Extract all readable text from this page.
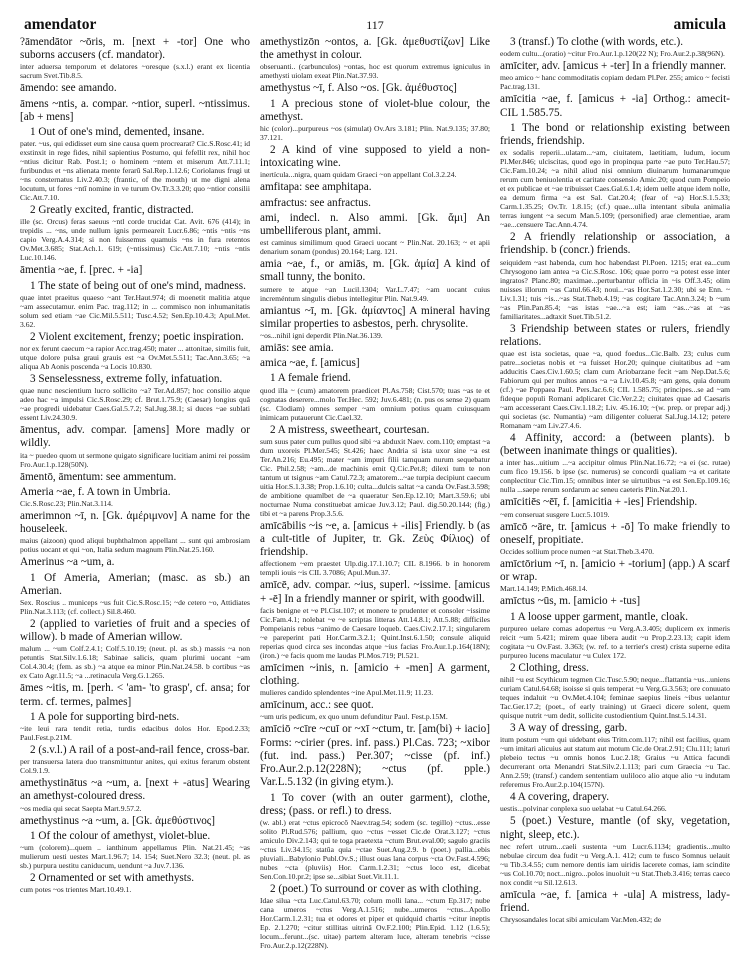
amendator	117	amicula

?āmendātor ~ōris, m. [next + -tor] One who suborns accusers (cf. mandator).

inter aduersa temporum et delatores ~oresque (s.x.l.) erant ex licentia sacrum Svet.Tib.8.5.

āmendo: see amando.

āmens ~ntis, a. compar. ~ntior, superl. ~ntissimus. [ab + mens]

1 Out of one's mind, demented, insane.

pater. ~us, qui edidisset eum sine causa quem procrearat? Cic.S.Rosc.41; id exstinxit in rege fides, nihil sapientius Postumo, qui fefellit rex, nihil hoc ~ntius dicitur Rab. Post.1; o hominem ~ntem et miserum Att.7.11.1; furibundus et ~ns alienata mente ferarū Sal.Rep.1.12.6; Coriolanus frugi ut ~ns consternatus Liv.2.40.3; (frantic, of the mouth) ut me digni alena locutum, ut fores ~ntī nomine in ve turum Ov.Tr.3.3.20; quo ~ntior consilii Cic.Att.7.10.

2 Greatly excited, frantic, distracted.

ille (sc. Orcus) feras saeuus ~ntl corde trucidat Cat. Avit. 676 (414); in trepidis ... ~ns, unde nullum ignis permeareit Lucr.6.86; ~ntis ~ntis ~ns capio Verg.A.4.314; si non fuissemus quamuis ~ns in fura retentos Ov.Met.3.685; Stat.Ach.1. 619; (~ntissimus) Cic.Att.7.10; ~ntis ~ntis Luc.10.146.

āmentia ~ae, f. [prec. + -ia]

1 The state of being out of one's mind, madness.

quae intet praeitus quaeso ~ant Ter.Haut.974; di moenetit malitia atque ~am assecutamur. enim Pac. trag.112; in ... commisco non inhumanitatis solum sed etiam ~ae Cic.Mil.5.511; Tusc.4.52; Sen.Ep.10.4.3; Apul.Met. 3.62.

2 Violent excitement, frenzy; poetic inspiration.

nor ex ferunt caecum ~a rapior Acc.trag.450; mater ... attonitae, similis fuit, utque dolore pulsa graui grauis est ~a Ov.Met.5.511; Tac.Ann.3.65; ~a aliqua Ab Aonis poscenda ~a Locis 10.830.

3 Senselessness, extreme folly, infatuation.

quae nunc nescientium lucro sollicito ~a? Ter.Ad.857; hoc consilio atque adeo hac ~a impulsi Cic.S.Rosc.29; cf. Brut.1.75.9; (Caesar) longius quā ~ae progredi uidebatur Caes.Gal.5.7.2; Sal.Jug.38.1; si duces ~ae sublati essent Liv.24.30.9.

āmentus, adv. compar. [amens] More madly or wildly.

ita ~ puedeo quom ut sermone quigato significare lucitiam animi rei possim Fro.Aur.1.p.128(50N).

āmentō, āmentum: see ammentum.

Ameria ~ae, f. A town in Umbria.

Cic.S.Rosc.23; Plin.Nat.3.114.

amerimnon ~ī, n. [Gk. ἀμέριμνον] A name for the houseleek.

maius (aizoon) quod aliqui buphthalmon appellant ... sunt qui ambrosiam potius uocant et qui ~on, Italia sedum magnum Plin.Nat.25.160.

Amerinus ~a ~um, a.

1 Of Ameria, Amerian; (masc. as sb.) an Amerian.

Sex. Roscius .. municeps ~us fuit Cic.S.Rosc.15; ~de cetero ~o, Attidiates Plin.Nat.3.113; (cf. collect.) Sil.8.460.

2 (applied to varieties of fruit and a species of willow). b made of Amerian willow.

malum ... ~um Colf.2.4.1; Colf.5.10.19; (neut. pl. as sb.) massis ~a non petuntis Stat.Silv.1.6.18; Sabinae salicis, quam plurimi uocant ~am Col.4.30.4; (fem. as sb.) ~a atque ea minor Plin.Nat.24.58. b cortibus ~as ex Cato Agr.11.5; ~a ...retinacula Verg.G.1.265.

āmes ~itis, m. [perh. < 'am- 'to grasp', cf. ansa; for term. cf. termes, palmes]

1 A pole for supporting bird-nets.

~ite leui rara tendit retia, turdis edacibus dolos Hor. Epod.2.33; Paul.Fest.p.21M.

2 (s.v.l.) A rail of a post-and-rail fence, cross-bar.

per transuersa latera duo transmittuntur anites, qui exitus ferarum obstent Col.9.1.9.

amethystinātus ~a ~um, a. [next + -atus] Wearing an amethyst-coloured dress.

~os media qui secat Saepta Mart.9.57.2.

amethystinus ~a ~um, a. [Gk. ἀμεθύστινος]

1 Of the colour of amethyst, violet-blue.

~um (colorem)...quem .. ianthinum appellamus Plin. Nat.21.45; ~as mulierum uesti uestes Mart.1.96.7; 14. 154; Suet.Nero 32.3; (neut. pl. as sb.) purpura uestitu caniducum, uendunt ~a Juv.7.136.

2 Ornamented or set with amethysts.

cum potes ~os trientes Mart.10.49.1.

amethystizōn ~ontos, a. [Gk. ἀμεθυστίζων] Like the amethyst in colour.

obseruanti.. (carbunculos) ~ontas, hoc est quorum extremus igniculus in amethysti uiolam exeat Plin.Nat.37.93.

amethystus ~ī, f. Also ~os. [Gk. ἀμέθυστος]

1 A precious stone of violet-blue colour, the amethyst.

hic (color)...purpureus ~os (simulat) Ov.Ars 3.181; Plin. Nat.9.135; 37.80; 37.121.

2 A kind of vine supposed to yield a non-intoxicating wine.

inertícula...nigra, quam quidam Graeci ~on appellant Col.3.2.24.

amfitapa: see amphitapa.

amfractus: see anfractus.

ami, indecl. n. Also ammi. [Gk. ἄμι] An umbelliferous plant, ammi.

est caminus similimum quod Graeci uocant ~ Plin.Nat. 20.163; ~ et apii denarium sonam (pondus) 20.164; Larg. 121.

amia ~ae, f., or amiās, m. [Gk. ἀμία] A kind of small tunny, the bonito.

sumere te atque ~an Lucil.1304; Var.L.7.47; ~am uocant cuius increméntum singulis diebus intellegitur Plin. Nat.9.49.

amiantus ~ī, m. [Gk. ἀμίαντος] A mineral having similar properties to asbestos, perh. chrysolite.

~os...nihil igni deperdit Plin.Nat.36.139.

amiās: see amia.

amica ~ae, f. [amicus]

1 A female friend.

quod illa ~ (cum) amatorem praedicet Pl.As.758; Cist.570; tuas ~as te et cognatas deserere...molo Ter.Hec. 592; Juv.6.481; (n. pus os sense 2) quam (sc. Clodiam) omnes semper ~am omnium potius quam cuiusquam inimicam putauerunt Cic.Cael.32.

2 A mistress, sweetheart, courtesan.

sum suus pater cum pullus quod sibi ~a abduxit Naev. com.110; emptast ~a dum uxoreis Pl.Mer.545; St.426; haec Andria si ista uxor sine ~a est Ter.An.216; Eu.495; mater ~am impuri filii tamquam nurum sequebatur Cic. Phil.2.58; ~am...de machinis emit Q.Cic.Pet.8; dilexi tum te non tantum ut tsignus ~am Catul.72.3; amatorem...~ae turpia decipiunt caecum uitia Hor.S.1.3.38; Prop.1.6.10; culta...dulcis saltat ~a canda Ov.Fast.3.598; de ambitione quamlbet de ~a quaeratur Sen.Ep.12.10; Mart.3.59.6; ubi nocturnae Numa constituebat amicae Juv.3.12; Paul. dig.50.20.144; (fig.) tibi et ~a parens Prop.3.5.6.

amīcābilis ~is ~e, a. [amicus + -ilis] Friendly. b (as a cult-title of Jupiter, tr. Gk. Ζεὺς Φίλιος) of friendship.

affectionem ~em praestet Ulp.dig.17.1.10.7; CIL 8.1966. b in honorem templi iouis ~is CIL 3.7086; Apul.Mun.37.

amīcē, adv. compar. ~ius, superl. ~issime. [amicus + -ē] In a friendly manner or spirit, with goodwill.

facis benigne et ~e Pl.Cist.107; et monere te prudenter et consoler ~issime Cic.Fam.4.1; nolebat ~e ~e scriptas litteras Att.14.8.1; Att.5.88; difficiles Pompeianis rebus ~animo de Caesare loqueb. Caes.Civ.2.17.1; singularem ~e pareperint pati Hor.Carm.3.2.1; Quint.Inst.6.1.50; consule aliquid reperias quod circa ses incondas atque ~ius facias Fro.Aur.1.p.164(18N); (iron.) ~e facis quom me laudas Pl.Mos.719; Pl.521.

amīcimen ~inis, n. [amicio + -men] A garment, clothing.

mulieres candido splendentes ~ine Apul.Met.11.9; 11.23.

amīcinum, acc.: see quot.

~um uris pedicum, ex quo unum defunditur Paul. Fest.p.15M.

amīciō ~cīre ~cuī or ~xī ~ctum, tr. [am(bi) + iacio] Forms: ~cirier (pres. inf. pass.) Pl.Cas. 723; ~xibor (fut. ind. pass.) Per.307; ~cisse (pf. inf.) Fro.Aur.2.p.12(228N); ~ctus (pf. pple.) Var.L.5.132 (in giving etym.).

1 To cover (with an outer garment), clothe, dress; (pass. or refl.) to dress.

(w. abl.) erat ~ctus epicrocō Naev.trag.54; sodem (sc. tegillo) ~ctus...esse solito Pl.Rud.576; pallium, quo ~ctus ~esset Cic.de Orat.3.127; ~ctus amiculo Div.2.143; qui te toga praetexta ~ctum Brut.eval.00; saguło graciis ~ctus Liv.34.15; statūa quia ~ctae Suet.Aug.2.9. b (poet.) pallia...ebis pluviali...Babylonio Publ.Ov.S.; illust ouas lana corpus ~cta Ov.Fast.4.596; nubes ~cta (pluviis) Hor. Carm.1.2.31; ~ctus loco est, dicebat Sen.Con.10.pr.2; ipse se...sibiat Suet.Vit.11.1.

2 (poet.) To surround or cover as with clothing.

Idae silua ~cta Luc.Catul.63.70; colum molli lana... ~ctum Ep.317; nube cana umeros ~ctus Verg.A.1.516; nube...umeros ~ctus...Apollo Hor.Carm.1.2.31; tua et odores et piper et quidquid chartis ~citur ineptis Ep. 2.1.270; ~citur stillitas uitrinā Ov.F.2.100; Plin.Epid. 1.12 (1.6.5); locum...ferunt...(sc. uitae) partem alteram luce, alteram tenebris ~cisse Fro.Aur.2.p.12(228N).

3 (transf.) To clothe (with words, etc.).

eodem cultu...(oratio) ~citur Fro.Aur.1.p.120(22 N); Fro.Aur.2.p.38(96N).

amīciter, adv. [amicus + -ter] In a friendly manner.

meo amico ~ hanc commoditatis copiam dedam Pl.Per. 255; amico ~ fecisti Pac.trag.131.

amīcitia ~ae, f. [amicus + -ia] Orthog.: amecit- CIL 1.585.75.

1 The bond or relationship existing between friends, friendship.

ex sodalis reperii...ulatam...~am, ciuitatem, laetitiam, ludum, iocum Pl.Mer.846; ulciscitas, quod ego in propinqua parte ~ae puto Ter.Hau.57; Cic.Fam.10.24; ~a nihil aliud nisi omnium diuinarum humanarumque rerum cum beniuolentia et caritate consensio Amic.20; quod cum Pompeio et ex publicae et ~ae tribuisset Caes.Gal.6.1.4; idem uelle atque idem nolle, ea demum firma ~a est Sal. Cat.20.4; (fear of ~a) Hor.S.1.5.33; Carm.1.35.25; Ov.Tr. 1.8.15; (cf.) quae...ulla intentant sibula animalia terras iungent ~a secum Man.5.109; (personified) arae clementiae, aram ~ae...censuere Tac.Ann.4.74.

2 A friendly relationship or association, a friendship. b (concr.) friends.

seiquidem ~ast habenda, cum hoc habendast Pl.Poen. 1215; erat ea...cum Chrysogono iam antea ~a Cic.S.Rosc. 106; quae porro ~a potest esse inter ingratos? Planc.80; maximae...perturbantur officia in ~is Off.3.45; olim nuisses illorum ~as Catul.66.43; noui...~as Hor.Sat.1.2.30; ubi se Enn. ~ Liv.1.31; tuis ~is...~as Stat.Theb.4.19; ~as cogitare Tac.Ann.3.24; b ~um ~as Plin.Pan.85.4; ~as istas ~ae...~a est; iam ~as...~as at ~as familiaritates...adtaxit Suet.Tib.51.2.

3 Friendship between states or rulers, friendly relations.

quae est ista societas, quae ~a, quod foedus...Cic.Balb. 23; culus cum patre...societas nobis et ~a fuisset Hor.20; quinque ciuitatibus ad ~am adducitis Caes.Civ.1.60.5; clam cum Ariobarzane fecit ~am Nep.Dat.5.6; Fabiorum qui per multos annos ~a ~a Liv.10.45.8; ~am gens, quia donum (cf.) ~ae Poppaea Paul. Pers.Jac.6.6; CIL 1.585.75; principes...se ad ~am fideque populi Romani adplicaret Cic.Ver.2.2; ciuitates quae ad Caesaris ~am accesserant Caes.Civ.1.18.2; Liv. 45.16.10; ~(w. prep. or prepar adj.) qui societas (sc. Numantia) ~am diligenter coluerat Sal.Jug.14.12; petere Romanam ~am Liv.27.4.6.

4 Affinity, accord: a (between plants). b (between inanimate things or qualities).

a inter has...uitium ...~a accipitur olmus Plin.Nat.16.72; ~a ei (sc. rutae) cum fico 19.156. b ipse (sc. numerus) se concordi qualiam ~a et caritate conplectitur Cic.Tim.15; omnibus inter se uirtutibus ~a est Sen.Ep.109.16; nulla ...saepe rerum sordarum ac seneu caeteris Plin.Nat.20.1.

amīcitiēs ~ēī, f. [amicitia + -ies] Friendship.

~em conseruat susgere Lucr.5.1019.

amīcō ~āre, tr. [amicus + -ō] To make friendly to oneself, propitiate.

Occides sollium proce numen ~at Stat.Theb.3.470.

amīctōrium ~ī, n. [amicio + -torium] (app.) A scarf or wrap.

Mart.14.149; P.Mich.468.14.

amīctus ~ūs, m. [amicio + -tus]

1 A loose upper garment, mantle, cloak.

purpureo uelare comas adopertus ~u Verg.A.3.405; duplicem ex inmeris reicit ~um 5.421; mirem quae libera audit ~u Prop.2.23.13; capit idem cogitata ~u Ov.Fast. 3.363; (w. ref. to a terrier's crest) crista superne edita purpureo lucens maculatur ~u Culex 172.

2 Clothing, dress.

nihil ~u est Scythicum tegmen Cic.Tusc.5.90; neque...flattantia ~us...uniens curiam Catul.64.68; isoisse si quis temperat ~u Verg.G.3.563; ore conuuato teques indaluit ~u Ov.Met.4.104; feminae saepius lineis ~ibus uelantur Tac.Ger.17.2; (poet., of early training) ut Graeci dicere solent, quem quisque nutrit ~um dedit, sollicite custodientium Quint.Inst.5.14.31.

3 A way of dressing, garb.

itum postum ~um qui uidebant eius Tritn.com.117; nihil est facilius, quam ~um imitari alicuius aut statum aut motum Cic.de Orat.2.91; Clu.111; laturi plebeio tectus ~u omnis honos Luc.2.18; Graius ~u Attica facundi decurrerant orta Menandri Stat.Silv.2.1.113; pari cum Graecia ~u Tac. Ann.2.59; (transf.) candem sententiam uuliloco alio atque alio ~u indutam referemus Fro.Aur.2.p.104(157N).

4 A covering, drapery.

uestis...polvinar conplexa suo uelabat ~u Catul.64.266.

5 (poet.) Vesture, mantle (of sky, vegetation, night, sleep, etc.).

nec refert utrum...caeli sustenta ~um Lucr.6.1134; gradientis...multo nebulae circum dea fudit ~u Verg.A.1. 412; cum te fusco Somnus uelauit ~u Tib.3.4.55; cum nemore dentis iam uiridis lacerete comas, iam scindite ~us Col.10.70; noct...nigro...polos inuoluit ~u Stat.Theb.3.416; terras caeco nox condit ~u Sil.12.613.

amīcula ~ae, f. [amica + -ula] A mistress, lady-friend.

Chrysosandales locat sibi amiculam Var.Men.432; de
